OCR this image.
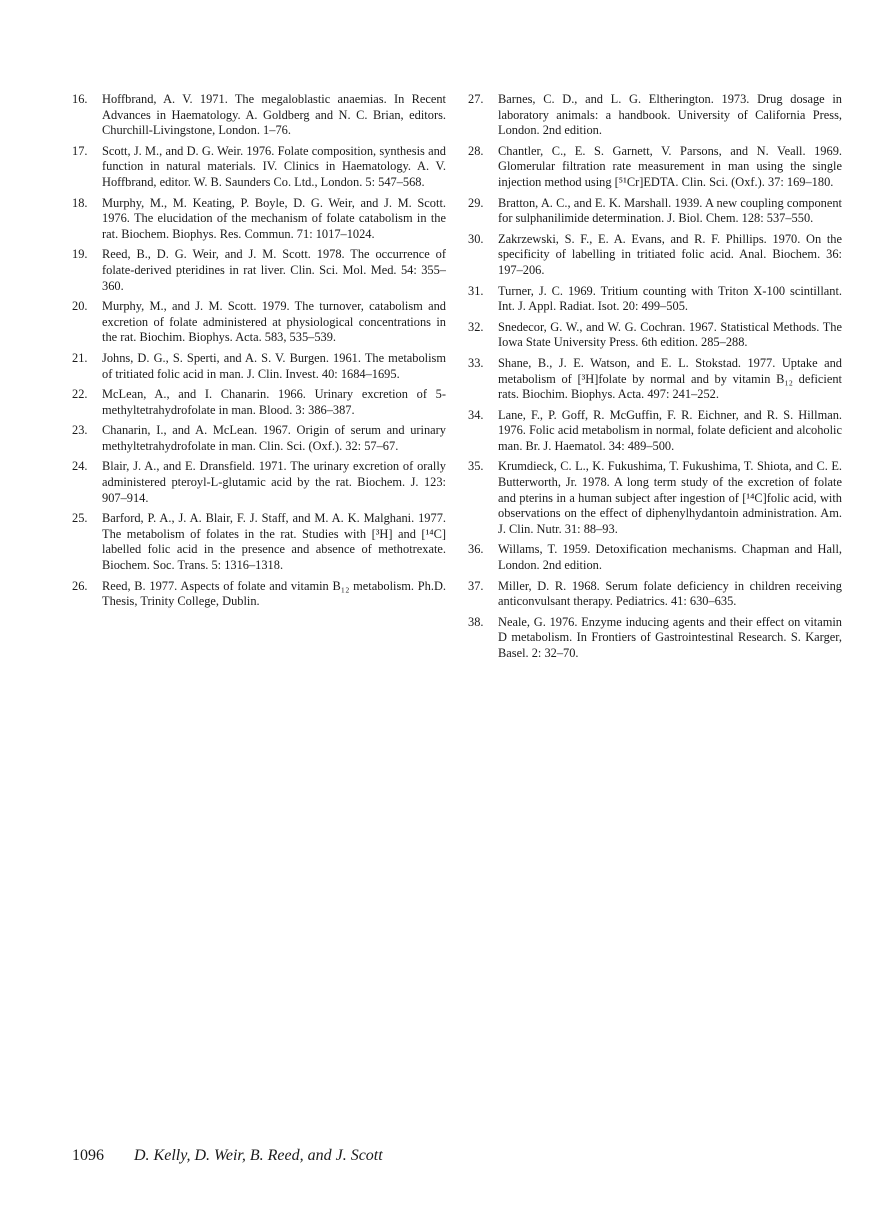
16.	Hoffbrand, A. V. 1971. The megaloblastic anaemias. In Recent Advances in Haematology. A. Goldberg and N. C. Brian, editors. Churchill-Livingstone, London. 1–76.
17.	Scott, J. M., and D. G. Weir. 1976. Folate composition, synthesis and function in natural materials. IV. Clinics in Haematology. A. V. Hoffbrand, editor. W. B. Saunders Co. Ltd., London. 5: 547–568.
18.	Murphy, M., M. Keating, P. Boyle, D. G. Weir, and J. M. Scott. 1976. The elucidation of the mechanism of folate catabolism in the rat. Biochem. Biophys. Res. Commun. 71: 1017–1024.
19.	Reed, B., D. G. Weir, and J. M. Scott. 1978. The occurrence of folate-derived pteridines in rat liver. Clin. Sci. Mol. Med. 54: 355–360.
20.	Murphy, M., and J. M. Scott. 1979. The turnover, catabolism and excretion of folate administered at physiological concentrations in the rat. Biochim. Biophys. Acta. 583, 535–539.
21.	Johns, D. G., S. Sperti, and A. S. V. Burgen. 1961. The metabolism of tritiated folic acid in man. J. Clin. Invest. 40: 1684–1695.
22.	McLean, A., and I. Chanarin. 1966. Urinary excretion of 5-methyltetrahydrofolate in man. Blood. 3: 386–387.
23.	Chanarin, I., and A. McLean. 1967. Origin of serum and urinary methyltetrahydrofolate in man. Clin. Sci. (Oxf.). 32: 57–67.
24.	Blair, J. A., and E. Dransfield. 1971. The urinary excretion of orally administered pteroyl-L-glutamic acid by the rat. Biochem. J. 123: 907–914.
25.	Barford, P. A., J. A. Blair, F. J. Staff, and M. A. K. Malghani. 1977. The metabolism of folates in the rat. Studies with [³H] and [¹⁴C] labelled folic acid in the presence and absence of methotrexate. Biochem. Soc. Trans. 5: 1316–1318.
26.	Reed, B. 1977. Aspects of folate and vitamin B₁₂ metabolism. Ph.D. Thesis, Trinity College, Dublin.
27.	Barnes, C. D., and L. G. Eltherington. 1973. Drug dosage in laboratory animals: a handbook. University of California Press, London. 2nd edition.
28.	Chantler, C., E. S. Garnett, V. Parsons, and N. Veall. 1969. Glomerular filtration rate measurement in man using the single injection method using [⁵¹Cr]EDTA. Clin. Sci. (Oxf.). 37: 169–180.
29.	Bratton, A. C., and E. K. Marshall. 1939. A new coupling component for sulphanilimide determination. J. Biol. Chem. 128: 537–550.
30.	Zakrzewski, S. F., E. A. Evans, and R. F. Phillips. 1970. On the specificity of labelling in tritiated folic acid. Anal. Biochem. 36: 197–206.
31.	Turner, J. C. 1969. Tritium counting with Triton X-100 scintillant. Int. J. Appl. Radiat. Isot. 20: 499–505.
32.	Snedecor, G. W., and W. G. Cochran. 1967. Statistical Methods. The Iowa State University Press. 6th edition. 285–288.
33.	Shane, B., J. E. Watson, and E. L. Stokstad. 1977. Uptake and metabolism of [³H]folate by normal and by vitamin B₁₂ deficient rats. Biochim. Biophys. Acta. 497: 241–252.
34.	Lane, F., P. Goff, R. McGuffin, F. R. Eichner, and R. S. Hillman. 1976. Folic acid metabolism in normal, folate deficient and alcoholic man. Br. J. Haematol. 34: 489–500.
35.	Krumdieck, C. L., K. Fukushima, T. Fukushima, T. Shiota, and C. E. Butterworth, Jr. 1978. A long term study of the excretion of folate and pterins in a human subject after ingestion of [¹⁴C]folic acid, with observations on the effect of diphenylhydantoin administration. Am. J. Clin. Nutr. 31: 88–93.
36.	Willams, T. 1959. Detoxification mechanisms. Chapman and Hall, London. 2nd edition.
37.	Miller, D. R. 1968. Serum folate deficiency in children receiving anticonvulsant therapy. Pediatrics. 41: 630–635.
38.	Neale, G. 1976. Enzyme inducing agents and their effect on vitamin D metabolism. In Frontiers of Gastrointestinal Research. S. Karger, Basel. 2: 32–70.
1096 D. Kelly, D. Weir, B. Reed, and J. Scott
